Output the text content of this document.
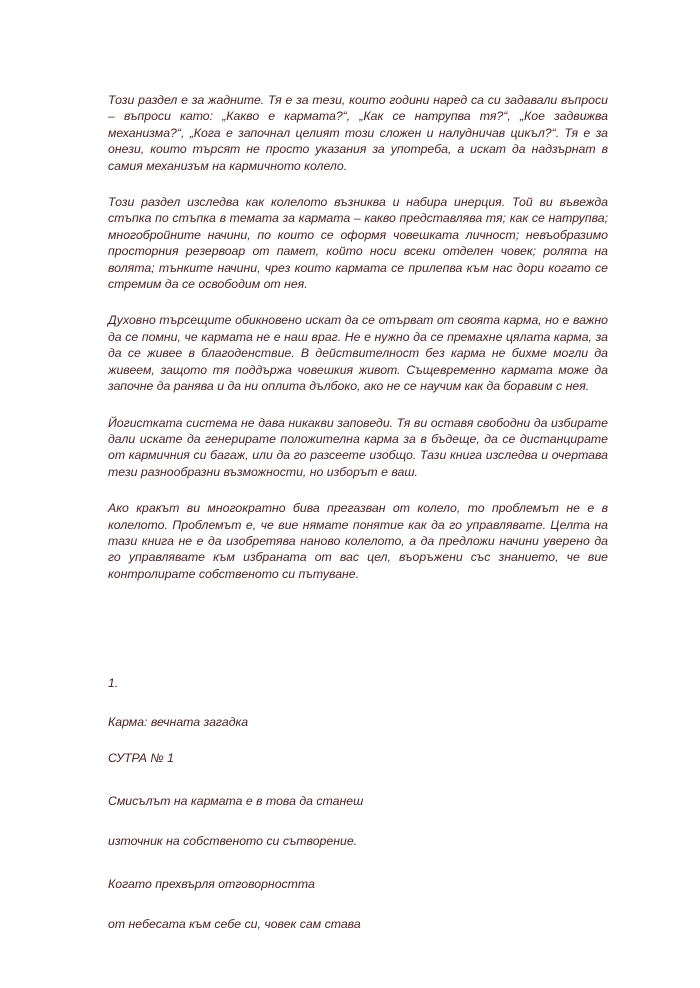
Този раздел е за жадните. Тя е за тези, които години наред са си задавали въпроси – въпроси като: „Какво е кармата?“, „Как се натрупва тя?“, „Кое задвижва механизма?“, „Кога е започнал целият този сложен и налудничав цикъл?“. Тя е за онези, които търсят не просто указания за употреба, а искат да надзърнат в самия механизъм на кармичното колело.

Този раздел изследва как колелото възниква и набира инерция. Той ви въвежда стъпка по стъпка в темата за кармата – какво представлява тя; как се натрупва; многобройните начини, по които се оформя човешката личност; невъобразимо просторния резервоар от памет, който носи всеки отделен човек; ролята на волята; тънките начини, чрез които кармата се прилепва към нас дори когато се стремим да се освободим от нея.

Духовно търсещите обикновено искат да се отърват от своята карма, но е важно да се помни, че кармата не е наш враг. Не е нужно да се премахне цялата карма, за да се живее в благоденствие. В действителност без карма не бихме могли да живеем, защото тя поддържа човешкия живот. Същевременно кармата може да започне да ранява и да ни оплита дълбоко, ако не се научим как да боравим с нея.

Йогистката система не дава никакви заповеди. Тя ви оставя свободни да избирате дали искате да генерирате положителна карма за в бъдеще, да се дистанцирате от кармичния си багаж, или да го разсеете изобщо. Тази книга изследва и очертава тези разнообразни възможности, но изборът е ваш.

Ако кракът ви многократно бива прегазван от колело, то проблемът не е в колелото. Проблемът е, че вие нямате понятие как да го управлявате. Целта на тази книга не е да изобретява наново колелото, а да предложи начини уверено да го управлявате към избраната от вас цел, въоръжени със знанието, че вие контролирате собственото си пътуване.

1.

Карма: вечната загадка

СУТРА № 1

Смисълът на кармата е в това да станеш

източник на собственото си сътворение.

Когато прехвърля отговорността

от небесата към себе си, човек сам става
